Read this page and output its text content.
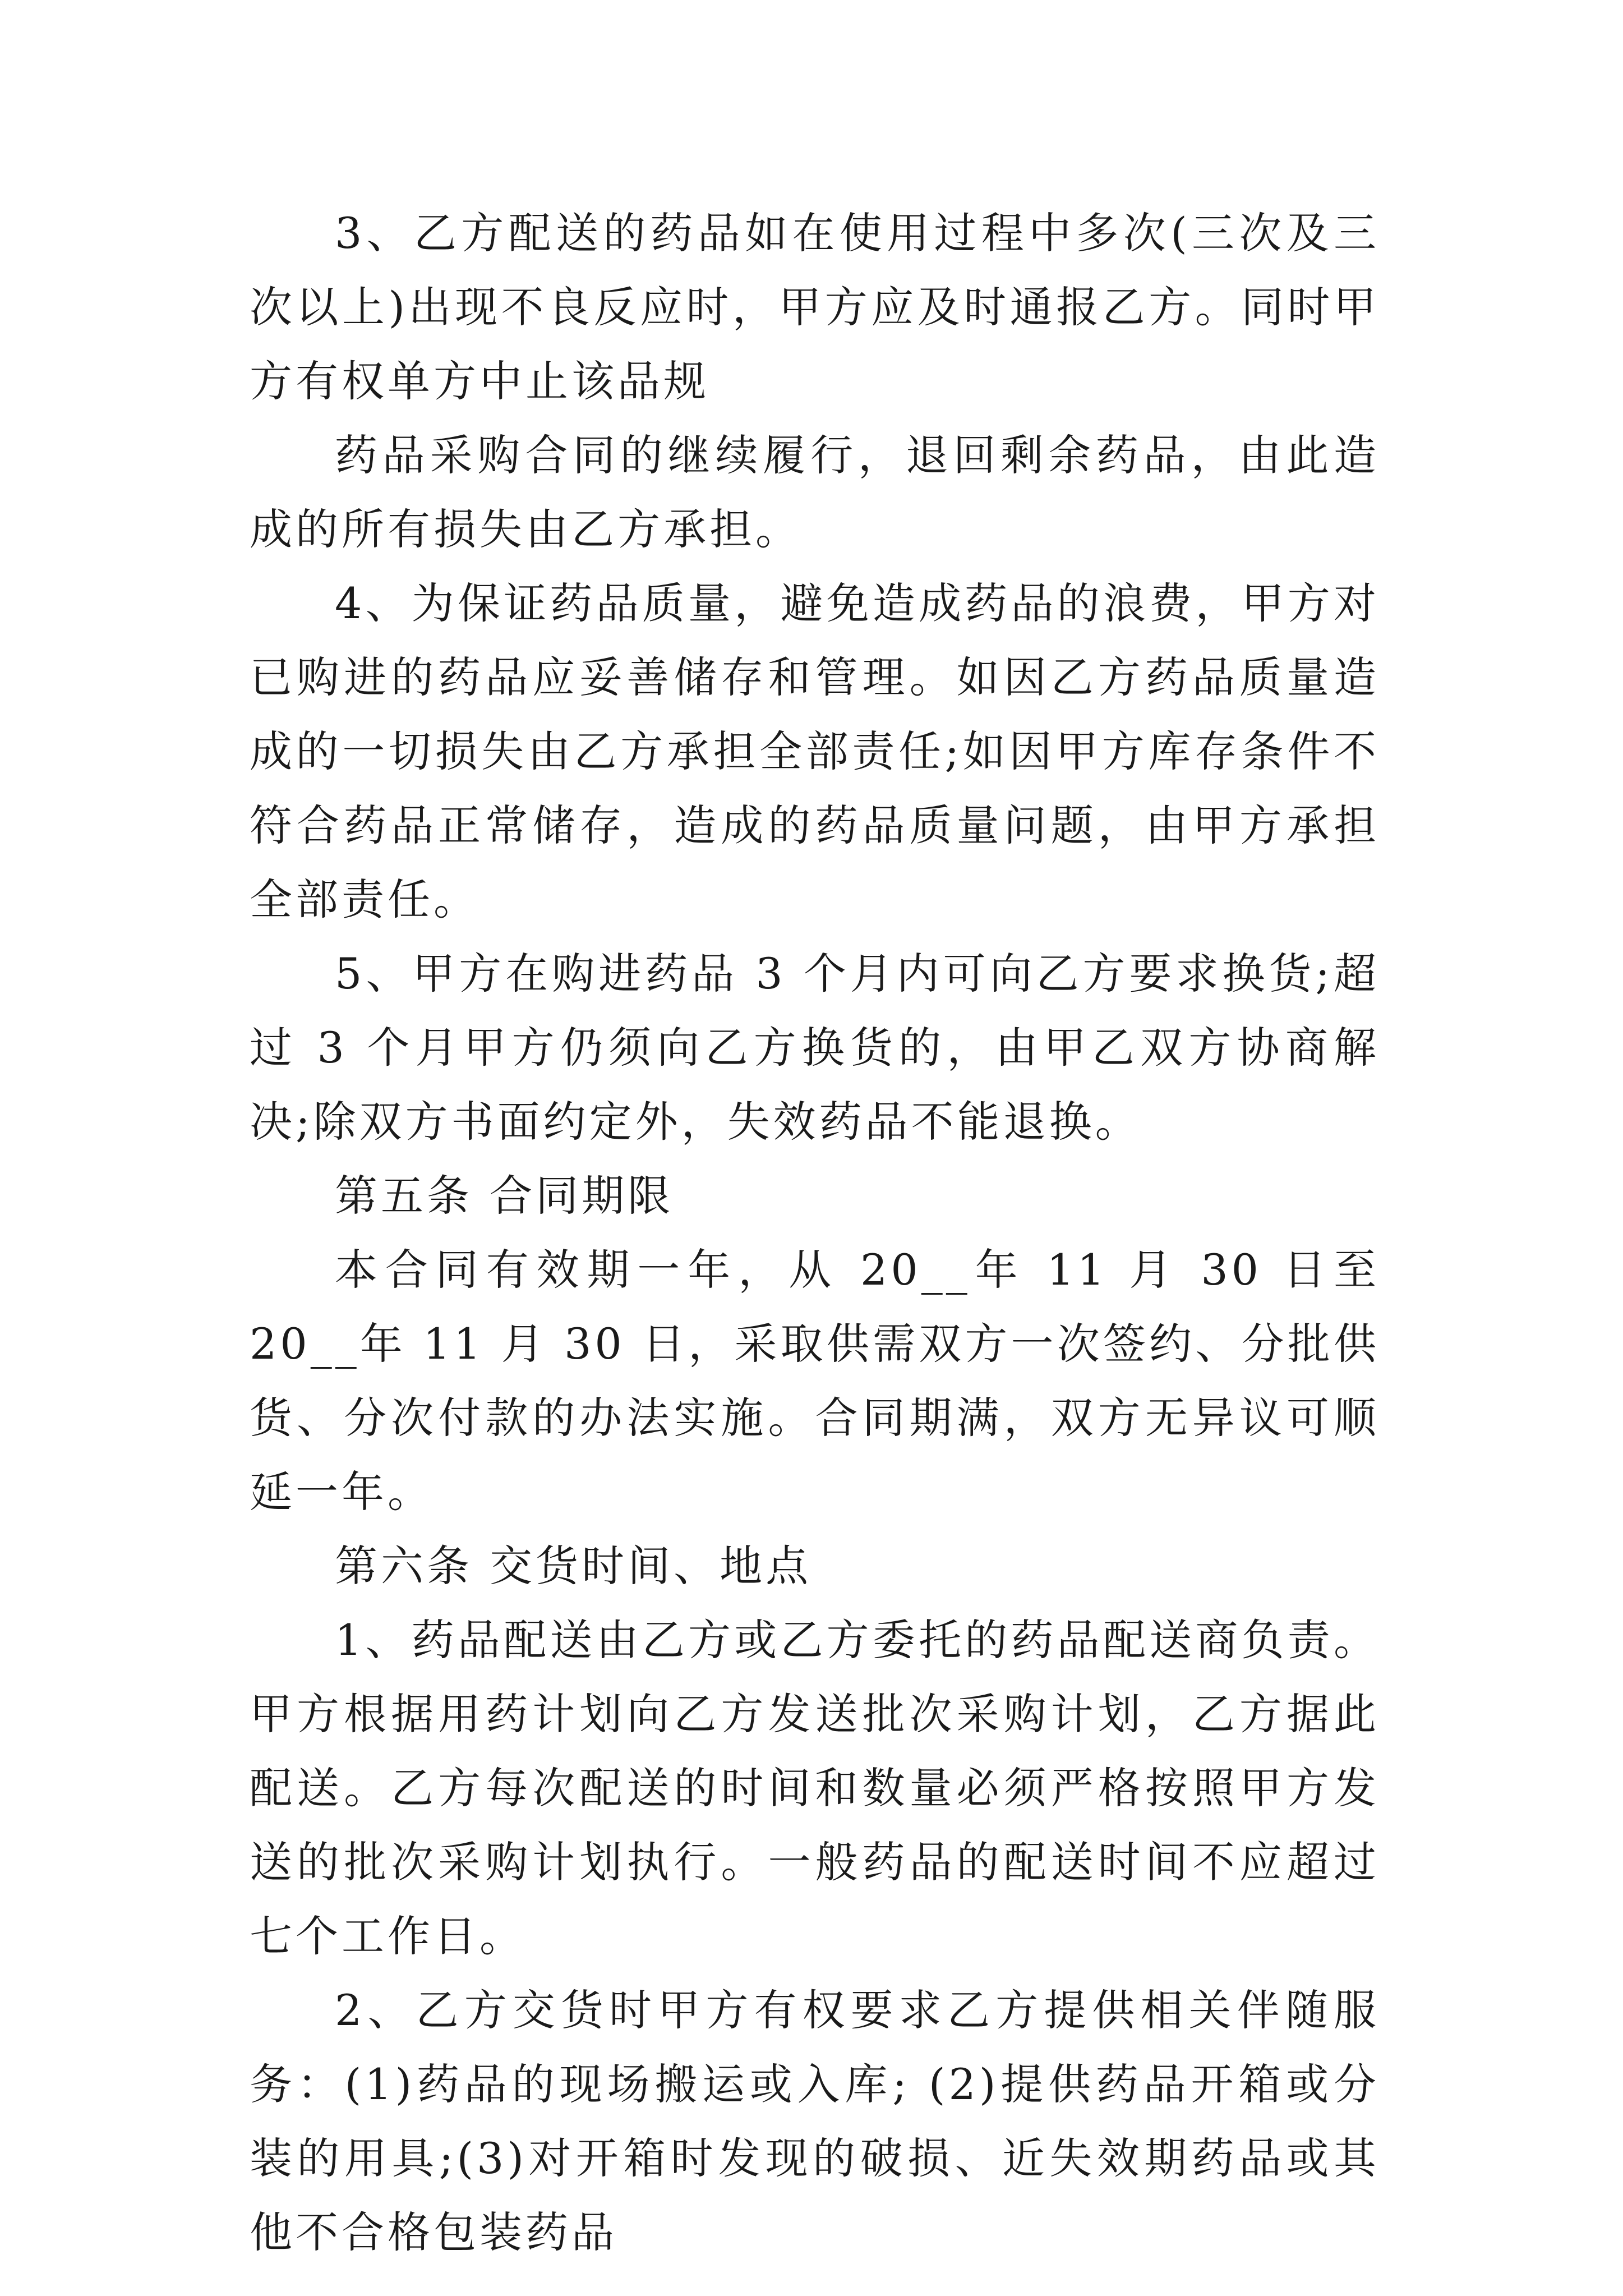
3、乙方配送的药品如在使用过程中多次(三次及三次以上)出现不良反应时，甲方应及时通报乙方。同时甲方有权单方中止该品规

药品采购合同的继续履行，退回剩余药品，由此造成的所有损失由乙方承担。

4、为保证药品质量，避免造成药品的浪费，甲方对已购进的药品应妥善储存和管理。如因乙方药品质量造成的一切损失由乙方承担全部责任;如因甲方库存条件不符合药品正常储存，造成的药品质量问题，由甲方承担全部责任。

5、甲方在购进药品 3 个月内可向乙方要求换货;超过 3 个月甲方仍须向乙方换货的，由甲乙双方协商解决;除双方书面约定外，失效药品不能退换。

第五条 合同期限

本合同有效期一年，从 20__年 11 月 30 日至 20__年 11 月 30 日，采取供需双方一次签约、分批供货、分次付款的办法实施。合同期满，双方无异议可顺延一年。

第六条 交货时间、地点

1、药品配送由乙方或乙方委托的药品配送商负责。甲方根据用药计划向乙方发送批次采购计划，乙方据此配送。乙方每次配送的时间和数量必须严格按照甲方发送的批次采购计划执行。一般药品的配送时间不应超过七个工作日。

2、乙方交货时甲方有权要求乙方提供相关伴随服务：(1)药品的现场搬运或入库; (2)提供药品开箱或分装的用具;(3)对开箱时发现的破损、近失效期药品或其他不合格包装药品
